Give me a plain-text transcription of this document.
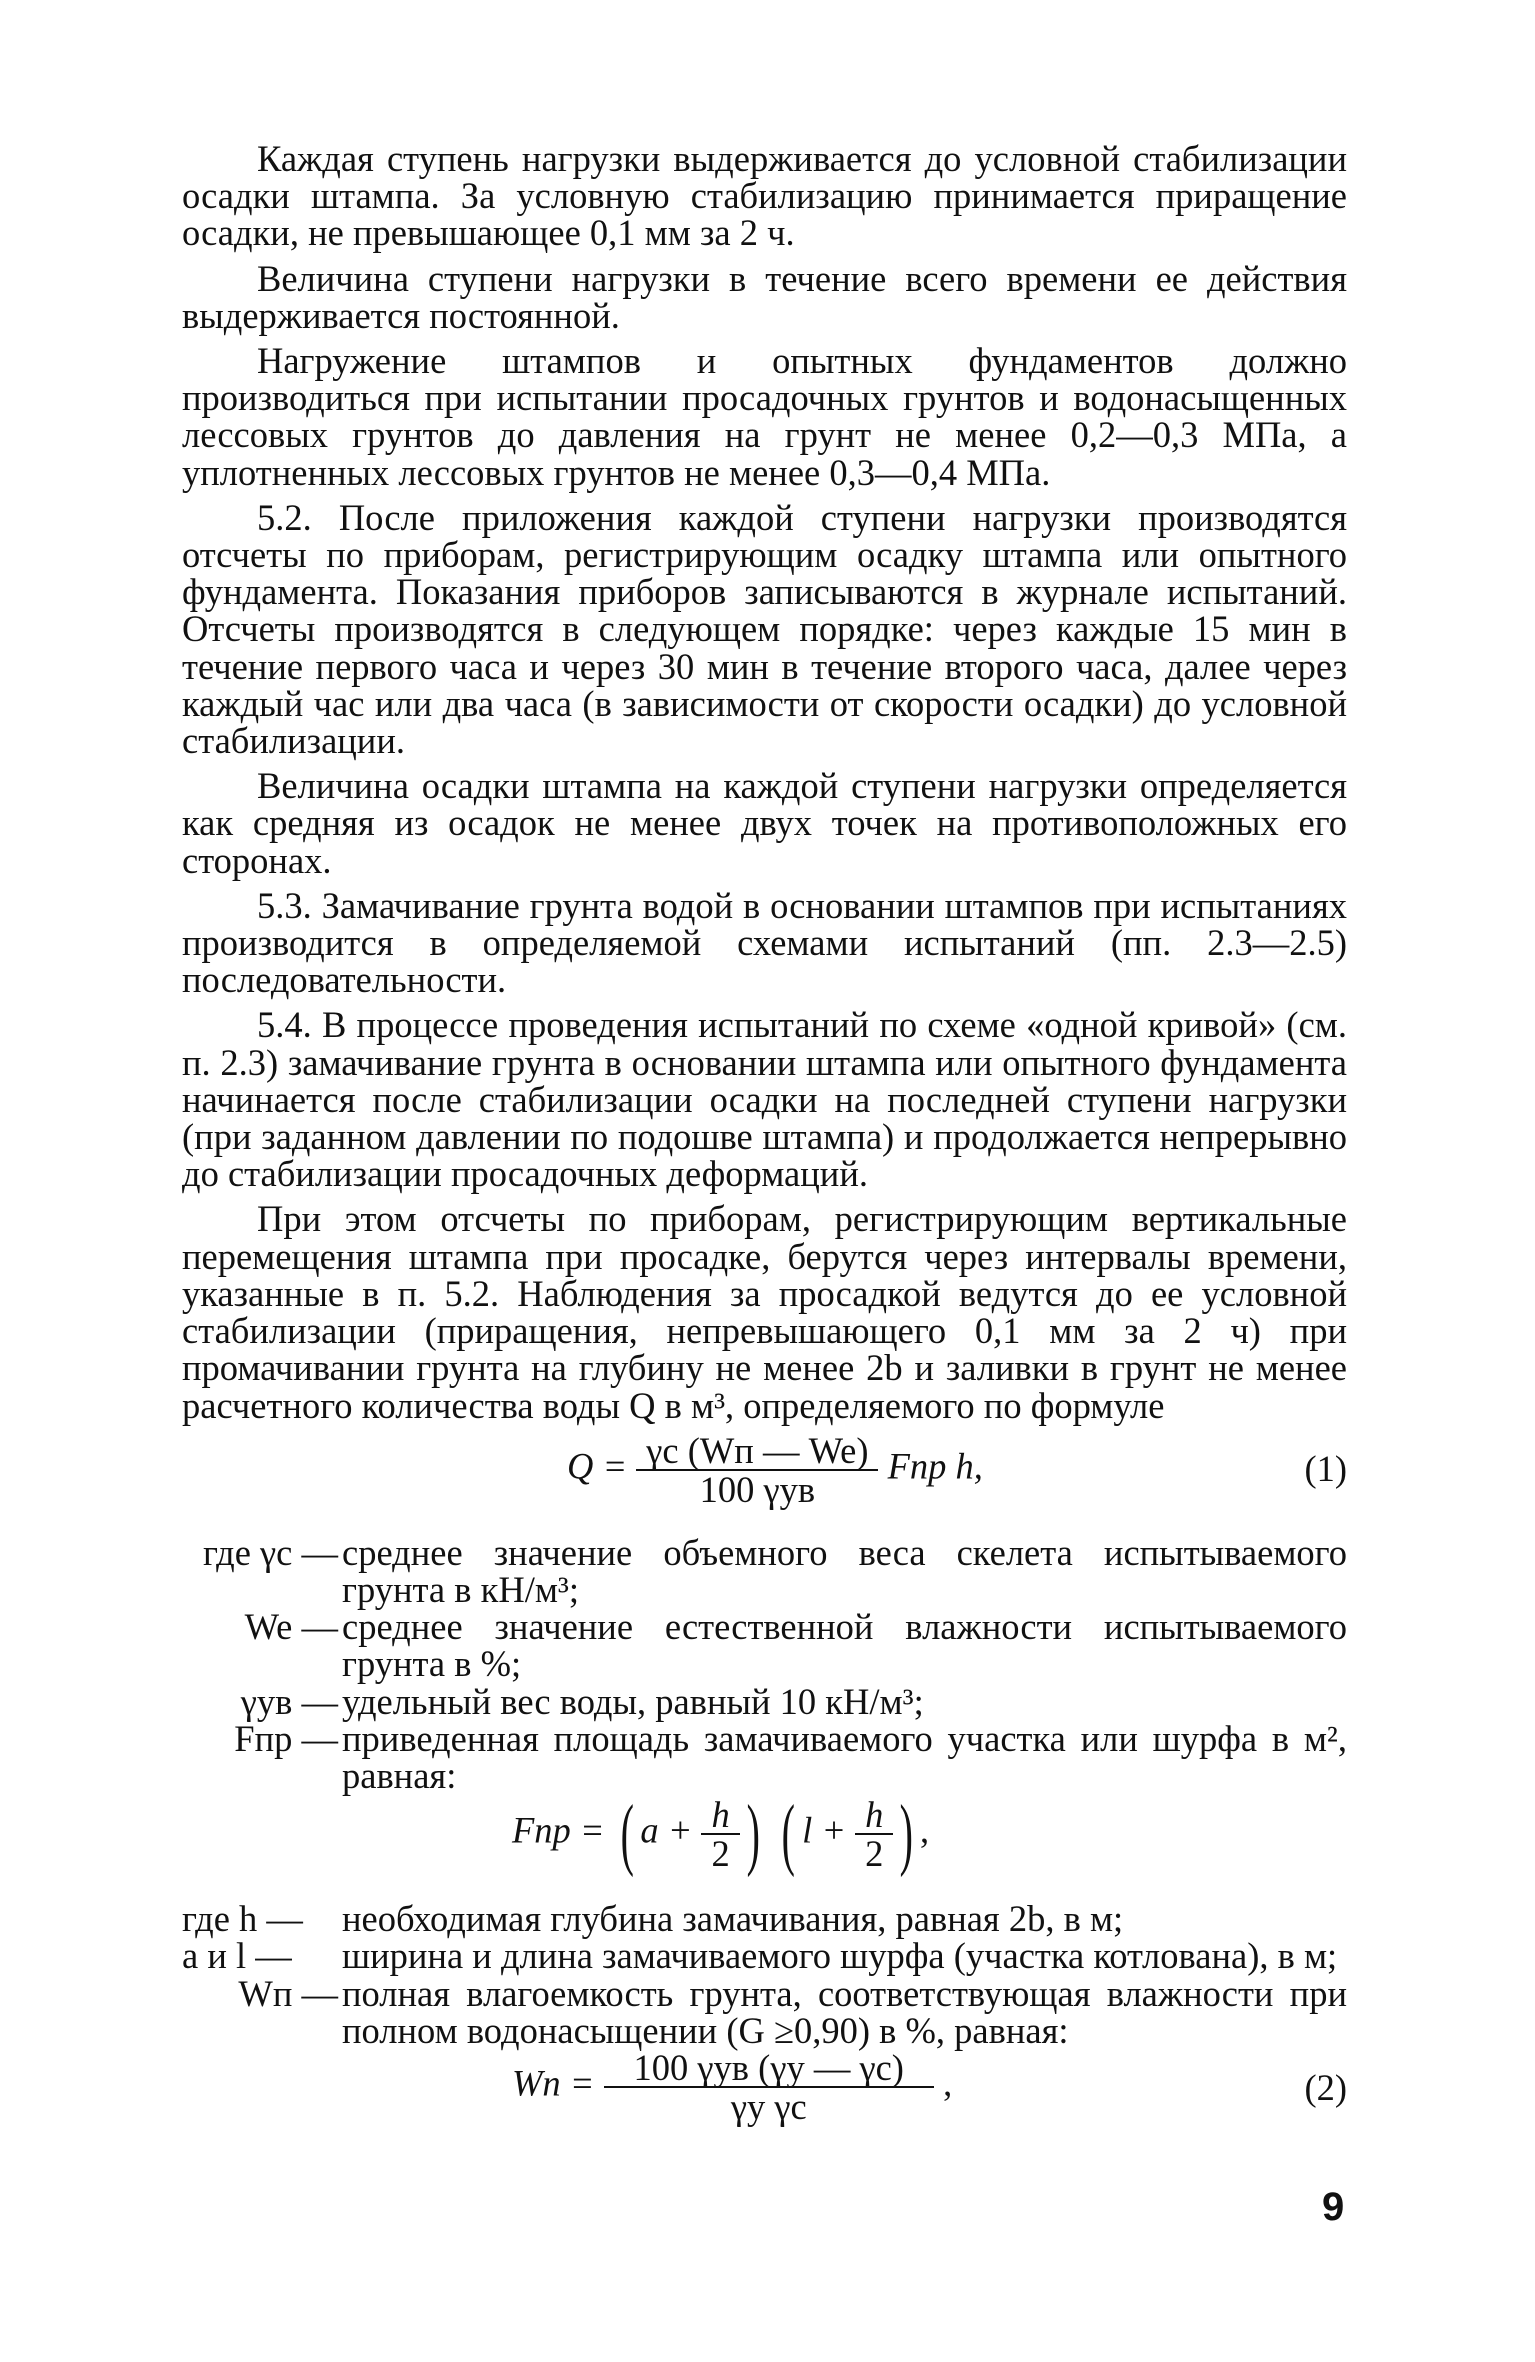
Каждая ступень нагрузки выдерживается до условной стабилизации осадки штампа. За условную стабилизацию принимается приращение осадки, не превышающее 0,1 мм за 2 ч.

Величина ступени нагрузки в течение всего времени ее действия выдерживается постоянной.

Нагружение штампов и опытных фундаментов должно производиться при испытании просадочных грунтов и водонасыщенных лессовых грунтов до давления на грунт не менее 0,2—0,3 МПа, а уплотненных лессовых грунтов не менее 0,3—0,4 МПа.

5.2. После приложения каждой ступени нагрузки производятся отсчеты по приборам, регистрирующим осадку штампа или опытного фундамента. Показания приборов записываются в журнале испытаний. Отсчеты производятся в следующем порядке: через каждые 15 мин в течение первого часа и через 30 мин в течение второго часа, далее через каждый час или два часа (в зависимости от скорости осадки) до условной стабилизации.

Величина осадки штампа на каждой ступени нагрузки определяется как средняя из осадок не менее двух точек на противоположных его сторонах.

5.3. Замачивание грунта водой в основании штампов при испытаниях производится в определяемой схемами испытаний (пп. 2.3—2.5) последовательности.

5.4. В процессе проведения испытаний по схеме «одной кривой» (см. п. 2.3) замачивание грунта в основании штампа или опытного фундамента начинается после стабилизации осадки на последней ступени нагрузки (при заданном давлении по подошве штампа) и продолжается непрерывно до стабилизации просадочных деформаций.

При этом отсчеты по приборам, регистрирующим вертикальные перемещения штампа при просадке, берутся через интервалы времени, указанные в п. 5.2. Наблюдения за просадкой ведутся до ее условной стабилизации (приращения, непревышающего 0,1 мм за 2 ч) при промачивании грунта на глубину не менее 2b и заливки в грунт не менее расчетного количества воды Q в м³, определяемого по формуле

$Q = \frac{\gamma c (Wп — We)}{\text{100 γув}}$ Fпр h,	(1)
где γc — среднее значение объемного веса скелета испытываемого грунта в кН/м³;
We — среднее значение естественной влажности испытываемого грунта в %;
γув — удельный вес воды, равный 10 кН/м³;
Fпр — приведенная площадь замачиваемого участка или шурфа в м², равная:
Fпр = ( $a + \frac{h}{2}$ ) ( $l + \frac{h}{2}$ ) ,
где h —	необходимая глубина замачивания, равная 2b, в м;
a и l —	ширина и длина замачиваемого шурфа (участка котлована), в м;
Wп — полная влагоемкость грунта, соответствующая влажности при полном водонасыщении (G ≥0,90) в %, равная:
Wп = $\frac{\text{100 γув (γу — γc)}}{\text{γу γc}}$ ,	(2)
9
